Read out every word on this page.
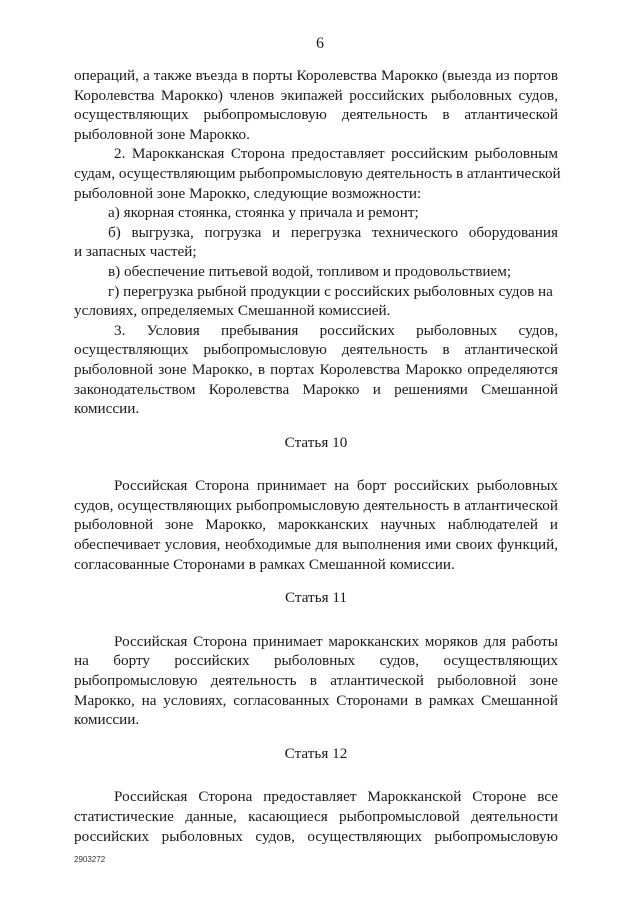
6
операций, а также въезда в порты Королевства Марокко (выезда из портов
Королевства Марокко) членов экипажей российских рыболовных судов,
осуществляющих рыбопромысловую деятельность в атлантической
рыболовной зоне Марокко.
2. Марокканская Сторона предоставляет российским рыболовным
судам, осуществляющим рыбопромысловую деятельность в атлантической
рыболовной зоне Марокко, следующие возможности:
а) якорная стоянка, стоянка у причала и ремонт;
б) выгрузка, погрузка и перегрузка технического оборудования
и запасных частей;
в) обеспечение питьевой водой, топливом и продовольствием;
г) перегрузка рыбной продукции с российских рыболовных судов на
условиях, определяемых Смешанной комиссией.
3. Условия пребывания российских рыболовных судов,
осуществляющих рыбопромысловую деятельность в атлантической
рыболовной зоне Марокко, в портах Королевства Марокко определяются
законодательством Королевства Марокко и решениями Смешанной
комиссии.
Статья 10
Российская Сторона принимает на борт российских рыболовных
судов, осуществляющих рыбопромысловую деятельность в атлантической
рыболовной зоне Марокко, марокканских научных наблюдателей и
обеспечивает условия, необходимые для выполнения ими своих функций,
согласованные Сторонами в рамках Смешанной комиссии.
Статья 11
Российская Сторона принимает марокканских моряков для работы
на борту российских рыболовных судов, осуществляющих
рыбопромысловую деятельность в атлантической рыболовной зоне
Марокко, на условиях, согласованных Сторонами в рамках Смешанной
комиссии.
Статья 12
Российская Сторона предоставляет Марокканской Стороне все
статистические данные, касающиеся рыбопромысловой деятельности
российских рыболовных судов, осуществляющих рыбопромысловую
2903272
